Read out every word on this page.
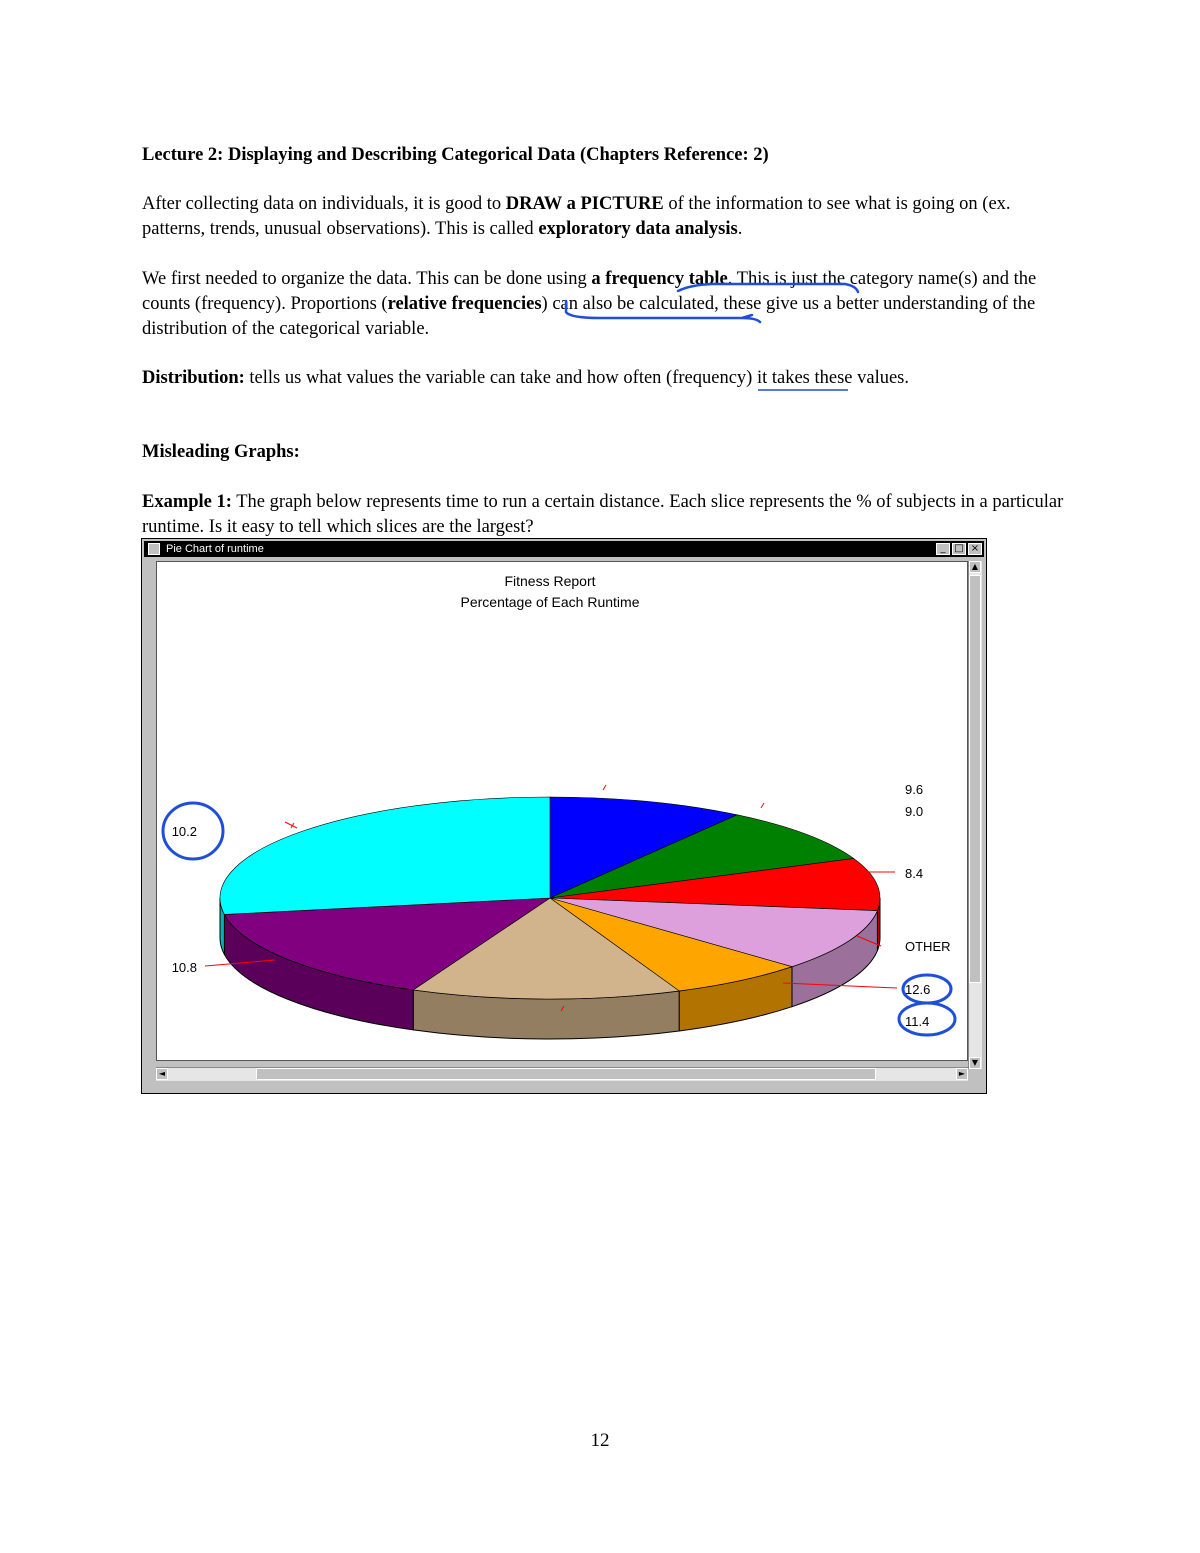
Lecture 2: Displaying and Describing Categorical Data (Chapters Reference: 2)
After collecting data on individuals, it is good to DRAW a PICTURE of the information to see what is going on (ex. patterns, trends, unusual observations). This is called exploratory data analysis.
We first needed to organize the data. This can be done using a frequency table. This is just the category name(s) and the counts (frequency). Proportions (relative frequencies) can also be calculated, these give us a better understanding of the distribution of the categorical variable.
Distribution: tells us what values the variable can take and how often (frequency) it takes these values.
Misleading Graphs:
Example 1: The graph below represents time to run a certain distance. Each slice represents the % of subjects in a particular runtime. Is it easy to tell which slices are the largest?
Pie Chart of runtime	_ □ ×
Fitness Report
Percentage of Each Runtime
9.6
9.0
8.4
OTHER
12.6
11.4
10.8
10.2
▲
▼
◄	►
12
